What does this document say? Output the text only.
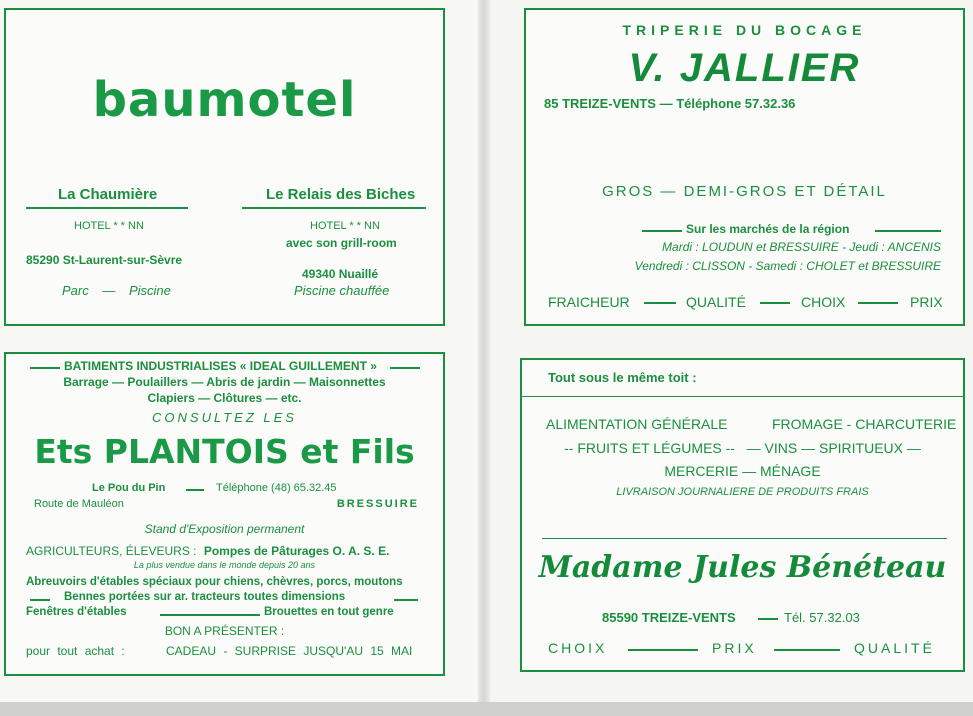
baumotel
La Chaumière
HOTEL * * NN
85290 St-Laurent-sur-Sèvre
Parc — Piscine
Le Relais des Biches
HOTEL * * NN
avec son grill-room
49340 Nuaillé
Piscine chauffée
TRIPERIE DU BOCAGE
V. JALLIER
85 TREIZE-VENTS — Téléphone 57.32.36
GROS — DEMI-GROS ET DÉTAIL
Sur les marchés de la région
Mardi : LOUDUN et BRESSUIRE - Jeudi : ANCENIS
Vendredi : CLISSON - Samedi : CHOLET et BRESSUIRE
FRAICHEUR	QUALITÉ	CHOIX	PRIX
BATIMENTS INDUSTRIALISES « IDEAL GUILLEMENT »
Barrage — Poulaillers — Abris de jardin — Maisonnettes
Clapiers — Clôtures — etc.
CONSULTEZ LES
Ets PLANTOIS et Fils
Le Pou du Pin	Téléphone (48) 65.32.45
Route de Mauléon	BRESSUIRE
Stand d'Exposition permanent
AGRICULTEURS, ÉLEVEURS : Pompes de Pâturages O. A. S. E.
La plus vendue dans le monde depuis 20 ans
Abreuvoirs d'étables spéciaux pour chiens, chèvres, porcs, moutons
Bennes portées sur ar. tracteurs toutes dimensions
Fenêtres d'étables	Brouettes en tout genre
BON A PRÉSENTER :
pour tout achat :	CADEAU - SURPRISE JUSQU'AU 15 MAI
Tout sous le même toit :
ALIMENTATION GÉNÉRALE	FROMAGE - CHARCUTERIE
-- FRUITS ET LÉGUMES --   — VINS — SPIRITUEUX —
MERCERIE — MÉNAGE
LIVRAISON JOURNALIERE DE PRODUITS FRAIS
Madame Jules Bénéteau
85590 TREIZE-VENTS	Tél. 57.32.03
CHOIX	PRIX	QUALITÉ
